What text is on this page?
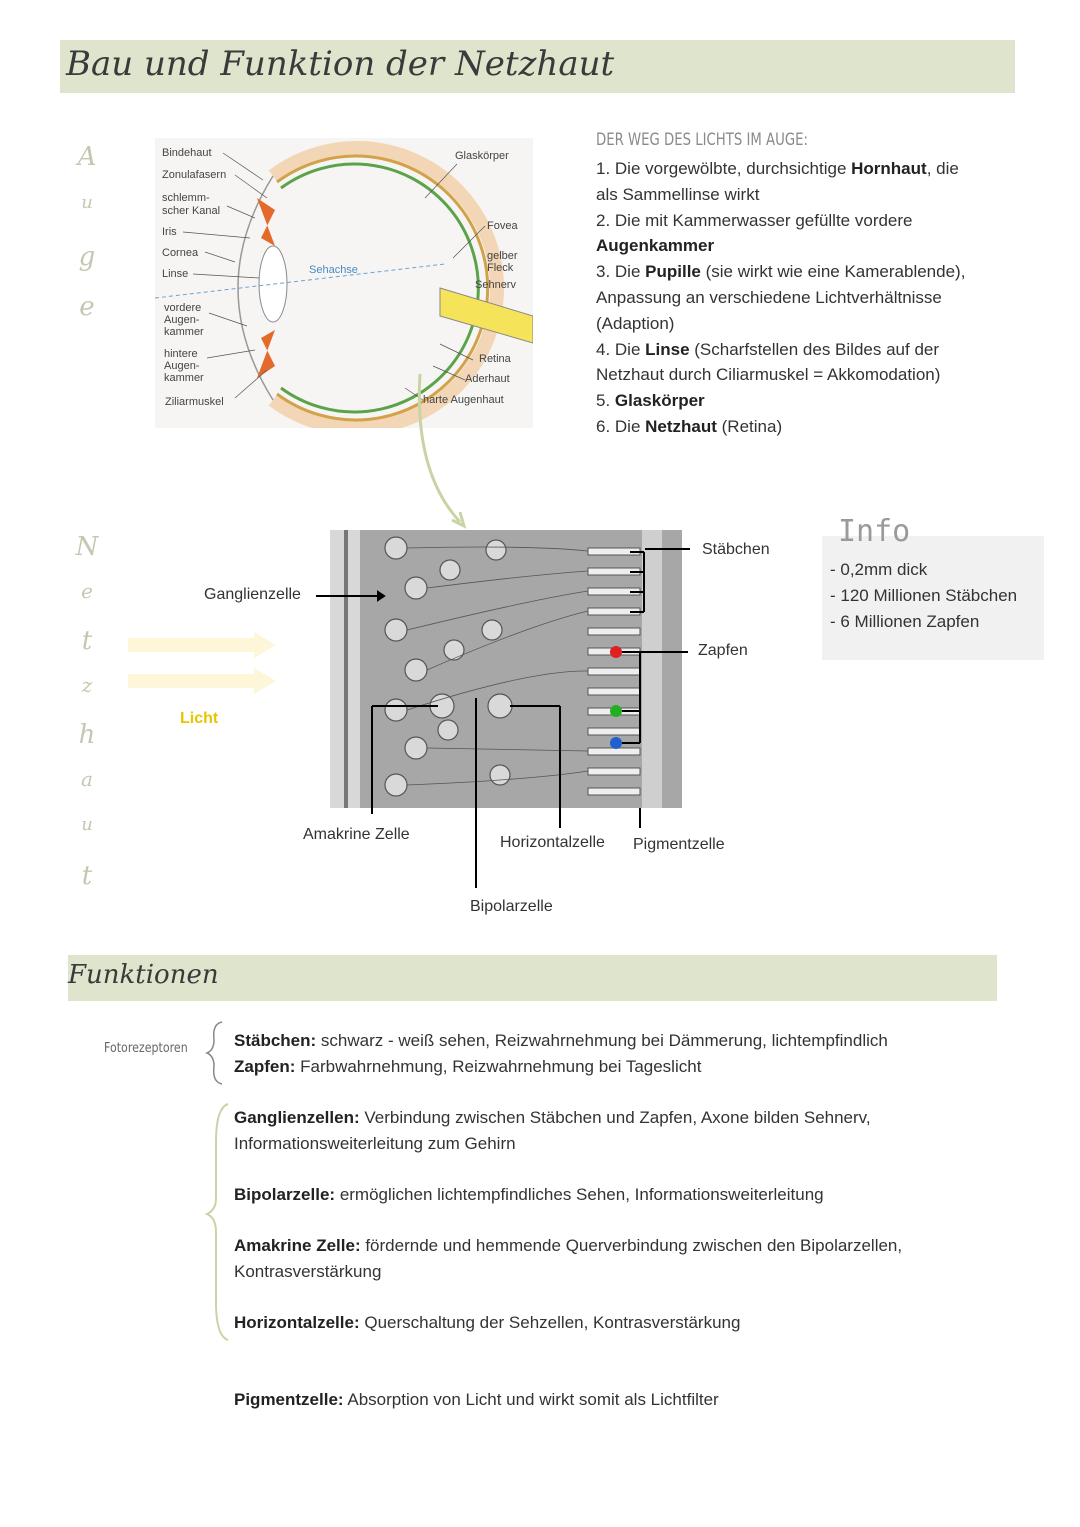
Bau und Funktion der Netzhaut
A
u
g
e
N
e
t
z
h
a
u
t
Bindehaut
Zonulafasern
schlemm-
scher Kanal
Iris
Cornea
Linse
vordere
Augen-
kammer
hintere
Augen-
kammer
Ziliarmuskel
Glaskörper
Fovea
gelber
Fleck
Sehnerv
Sehachse
Retina
Aderhaut
harte Augenhaut
DER WEG DES LICHTS IM AUGE:
1. Die vorgewölbte, durchsichtige Hornhaut, die
als Sammellinse wirkt
2. Die mit Kammerwasser gefüllte vordere
Augenkammer
3. Die Pupille (sie wirkt wie eine Kamerablende),
Anpassung an verschiedene Lichtverhältnisse
(Adaption)
4. Die Linse (Scharfstellen des Bildes auf der
Netzhaut durch Ciliarmuskel = Akkomodation)
5. Glaskörper
6. Die Netzhaut (Retina)
Licht
Ganglienzelle
Stäbchen
Zapfen
Amakrine Zelle	Horizontalzelle Pigmentzelle
Bipolarzelle
Info
- 0,2mm dick
- 120 Millionen Stäbchen
- 6 Millionen Zapfen
Funktionen
Fotorezeptoren	Stäbchen: schwarz - weiß sehen, Reizwahrnehmung bei Dämmerung, lichtempfindlich
Zapfen: Farbwahrnehmung, Reizwahrnehmung bei Tageslicht
Ganglienzellen: Verbindung zwischen Stäbchen und Zapfen, Axone bilden Sehnerv,
Informationsweiterleitung zum Gehirn
Bipolarzelle: ermöglichen lichtempfindliches Sehen, Informationsweiterleitung
Amakrine Zelle: fördernde und hemmende Querverbindung zwischen den Bipolarzellen,
Kontrasverstärkung
Horizontalzelle: Querschaltung der Sehzellen, Kontrasverstärkung
Pigmentzelle: Absorption von Licht und wirkt somit als Lichtfilter
